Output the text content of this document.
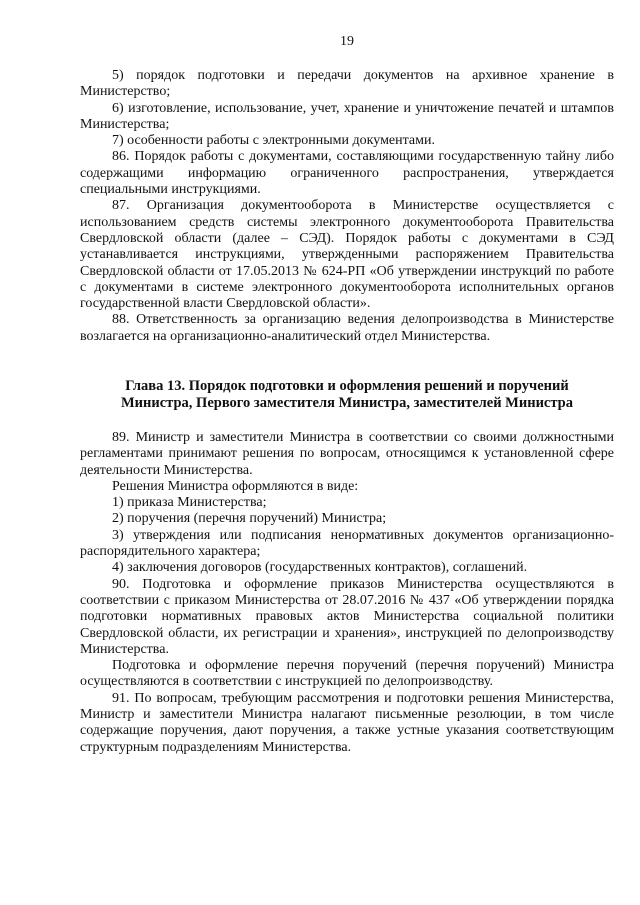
19

5) порядок подготовки и передачи документов на архивное хранение в Министерство;

6) изготовление, использование, учет, хранение и уничтожение печатей и штампов Министерства;

7) особенности работы с электронными документами.

86. Порядок работы с документами, составляющими государственную тайну либо содержащими информацию ограниченного распространения, утверждается специальными инструкциями.

87. Организация документооборота в Министерстве осуществляется с использованием средств системы электронного документооборота Правительства Свердловской области (далее – СЭД). Порядок работы с документами в СЭД устанавливается инструкциями, утвержденными распоряжением Правительства Свердловской области от 17.05.2013 № 624-РП «Об утверждении инструкций по работе с документами в системе электронного документооборота исполнительных органов государственной власти Свердловской области».

88. Ответственность за организацию ведения делопроизводства в Министерстве возлагается на организационно-аналитический отдел Министерства.

Глава 13. Порядок подготовки и оформления решений и поручений
Министра, Первого заместителя Министра, заместителей Министра

89. Министр и заместители Министра в соответствии со своими должностными регламентами принимают решения по вопросам, относящимся к установленной сфере деятельности Министерства.

Решения Министра оформляются в виде:

1) приказа Министерства;

2) поручения (перечня поручений) Министра;

3) утверждения или подписания ненормативных документов организационно-распорядительного характера;

4) заключения договоров (государственных контрактов), соглашений.

90. Подготовка и оформление приказов Министерства осуществляются в соответствии с приказом Министерства от 28.07.2016 № 437 «Об утверждении порядка подготовки нормативных правовых актов Министерства социальной политики Свердловской области, их регистрации и хранения», инструкцией по делопроизводству Министерства.

Подготовка и оформление перечня поручений (перечня поручений) Министра осуществляются в соответствии с инструкцией по делопроизводству.

91. По вопросам, требующим рассмотрения и подготовки решения Министерства, Министр и заместители Министра налагают письменные резолюции, в том числе содержащие поручения, дают поручения, а также устные указания соответствующим структурным подразделениям Министерства.
